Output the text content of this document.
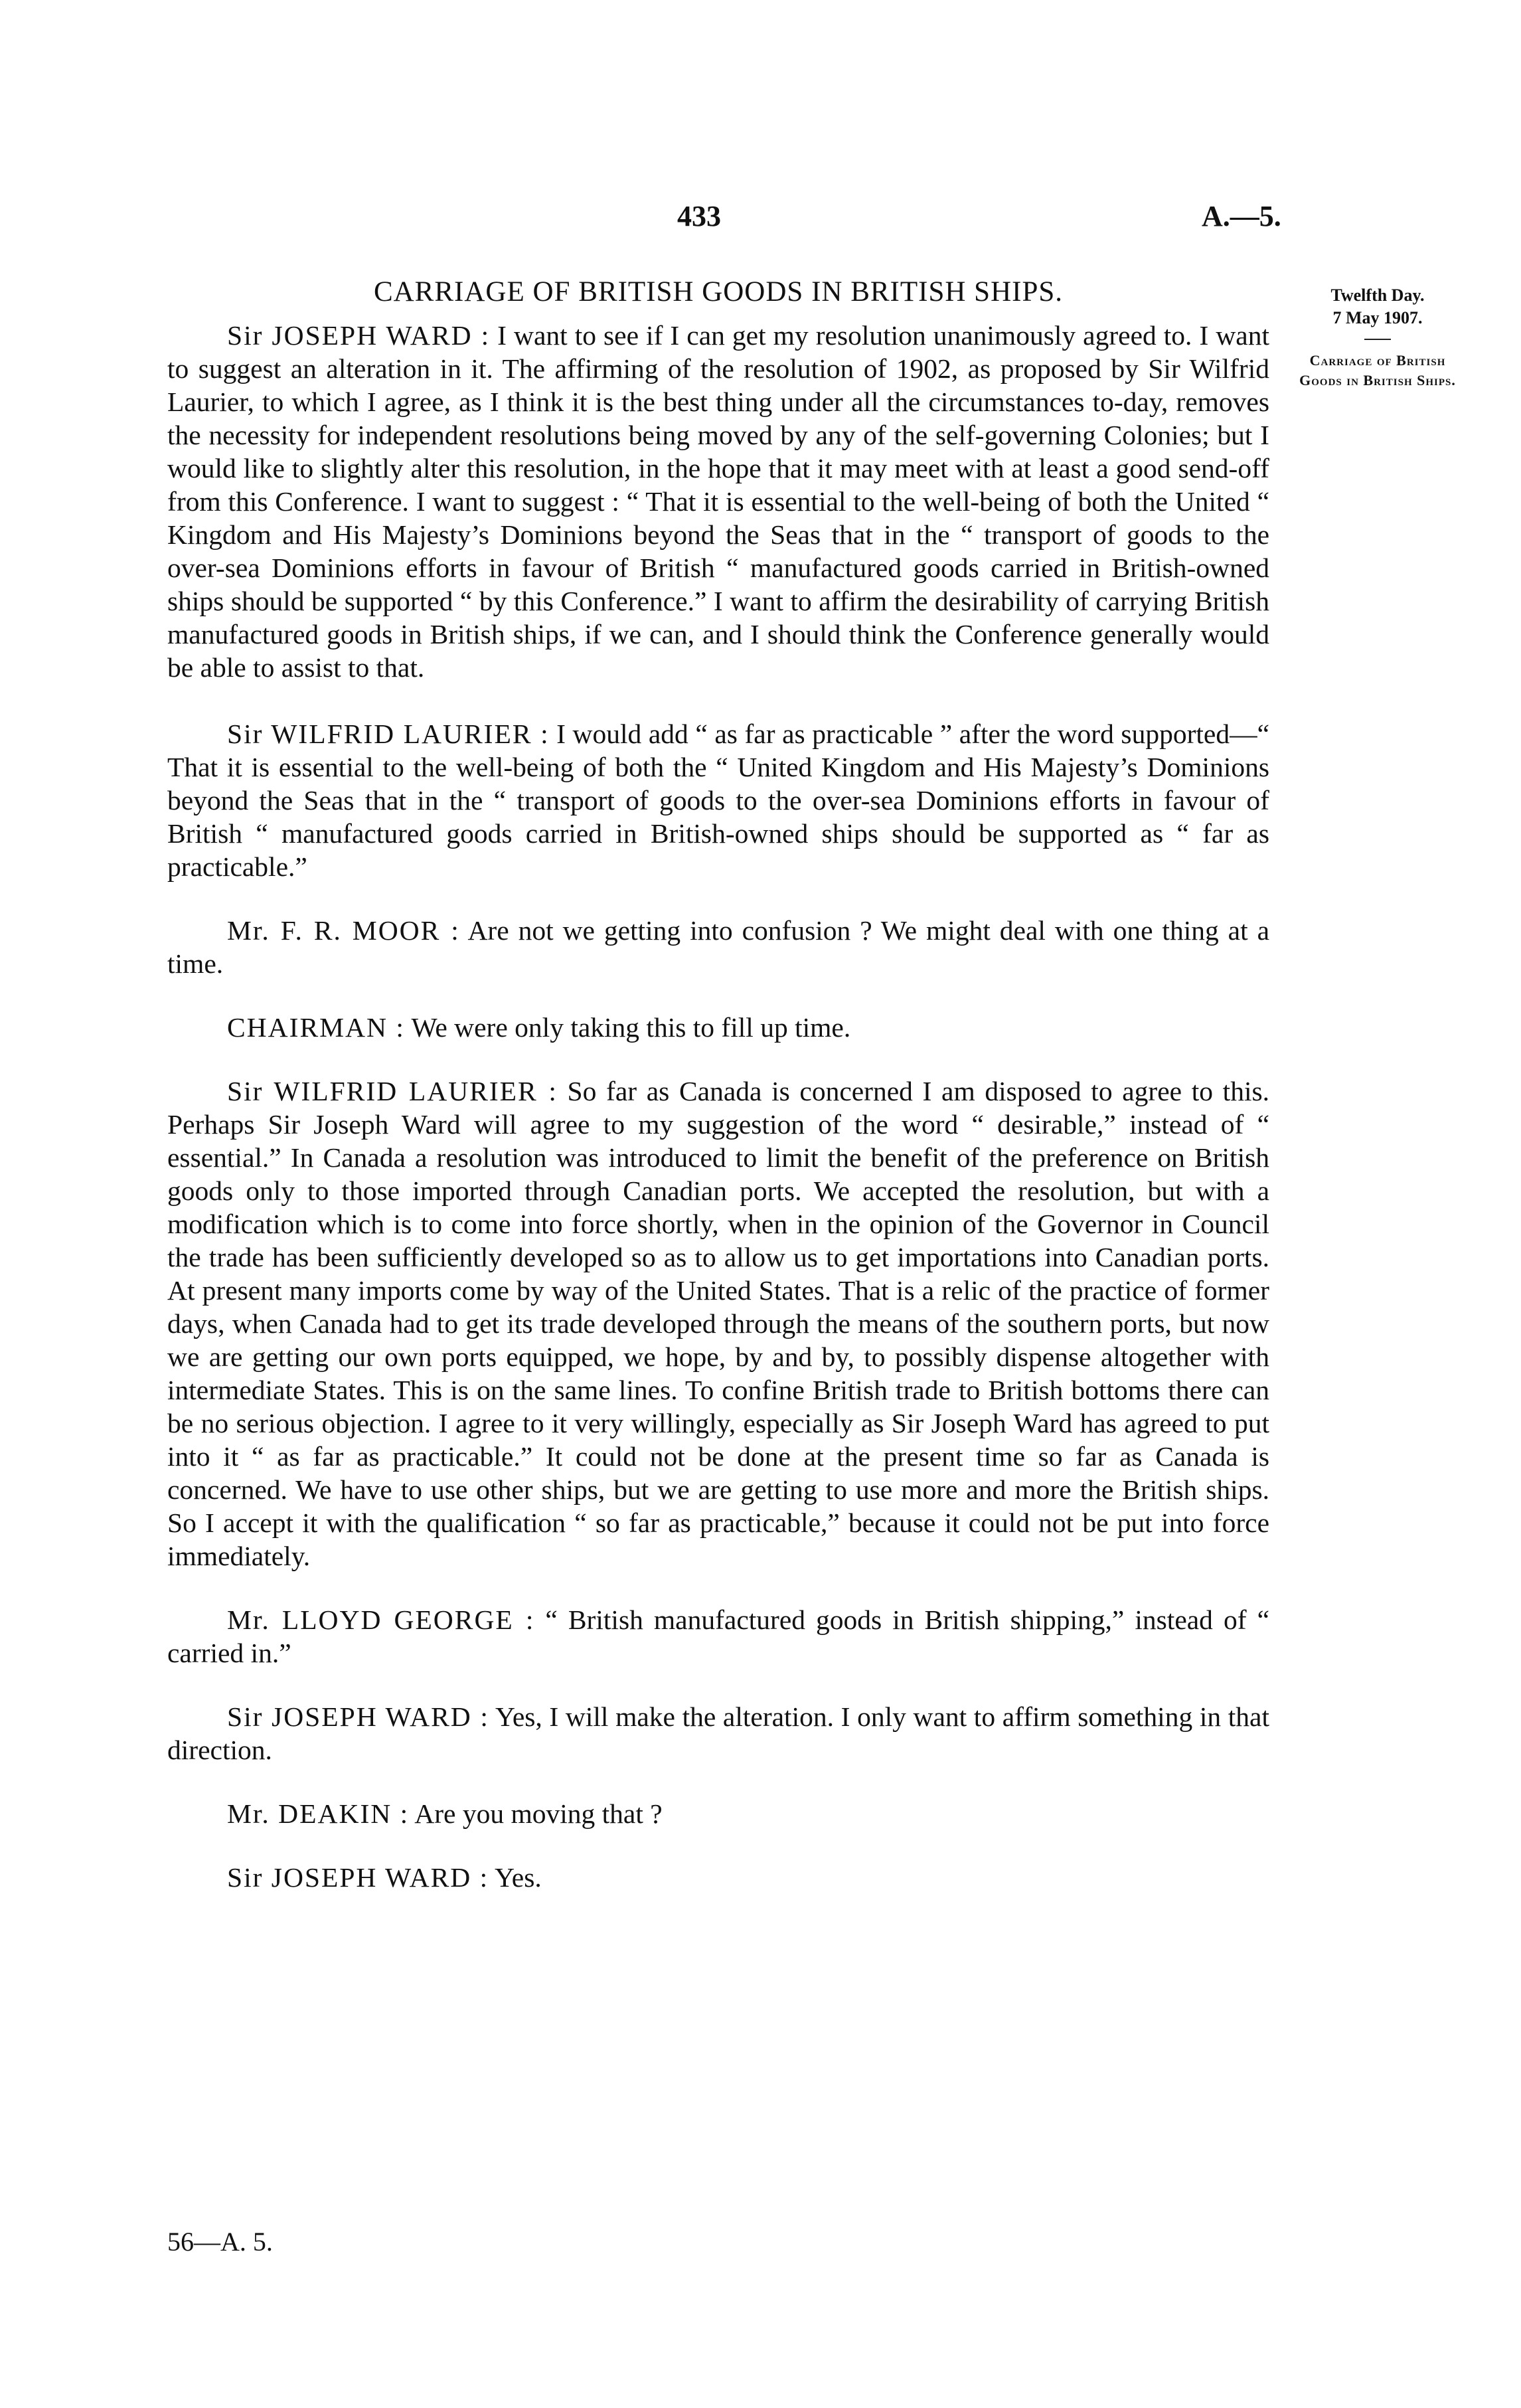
433	A.—5.
Twelfth Day.
7 May 1907.
Carriage of British Goods in British Ships.
CARRIAGE OF BRITISH GOODS IN BRITISH SHIPS.

Sir JOSEPH WARD : I want to see if I can get my resolution unanimously agreed to. I want to suggest an alteration in it. The affirming of the resolution of 1902, as proposed by Sir Wilfrid Laurier, to which I agree, as I think it is the best thing under all the circumstances to-day, removes the necessity for independent resolutions being moved by any of the self-governing Colonies; but I would like to slightly alter this resolution, in the hope that it may meet with at least a good send-off from this Conference. I want to suggest : “ That it is essential to the well-being of both the United “ Kingdom and His Majesty’s Dominions beyond the Seas that in the “ transport of goods to the over-sea Dominions efforts in favour of British “ manufactured goods carried in British-owned ships should be supported “ by this Conference.” I want to affirm the desirability of carrying British manufactured goods in British ships, if we can, and I should think the Conference generally would be able to assist to that.

Sir WILFRID LAURIER : I would add “ as far as practicable ” after the word supported—“ That it is essential to the well-being of both the “ United Kingdom and His Majesty’s Dominions beyond the Seas that in the “ transport of goods to the over-sea Dominions efforts in favour of British “ manufactured goods carried in British-owned ships should be supported as “ far as practicable.”

Mr. F. R. MOOR : Are not we getting into confusion ? We might deal with one thing at a time.

CHAIRMAN : We were only taking this to fill up time.

Sir WILFRID LAURIER : So far as Canada is concerned I am disposed to agree to this. Perhaps Sir Joseph Ward will agree to my suggestion of the word “ desirable,” instead of “ essential.” In Canada a resolution was introduced to limit the benefit of the preference on British goods only to those imported through Canadian ports. We accepted the resolution, but with a modification which is to come into force shortly, when in the opinion of the Governor in Council the trade has been sufficiently developed so as to allow us to get importations into Canadian ports. At present many imports come by way of the United States. That is a relic of the practice of former days, when Canada had to get its trade developed through the means of the southern ports, but now we are getting our own ports equipped, we hope, by and by, to possibly dispense altogether with intermediate States. This is on the same lines. To confine British trade to British bottoms there can be no serious objection. I agree to it very willingly, especially as Sir Joseph Ward has agreed to put into it “ as far as practicable.” It could not be done at the present time so far as Canada is concerned. We have to use other ships, but we are getting to use more and more the British ships. So I accept it with the qualification “ so far as practicable,” because it could not be put into force immediately.

Mr. LLOYD GEORGE : “ British manufactured goods in British shipping,” instead of “ carried in.”

Sir JOSEPH WARD : Yes, I will make the alteration. I only want to affirm something in that direction.

Mr. DEAKIN : Are you moving that ?

Sir JOSEPH WARD : Yes.

56—A. 5.
